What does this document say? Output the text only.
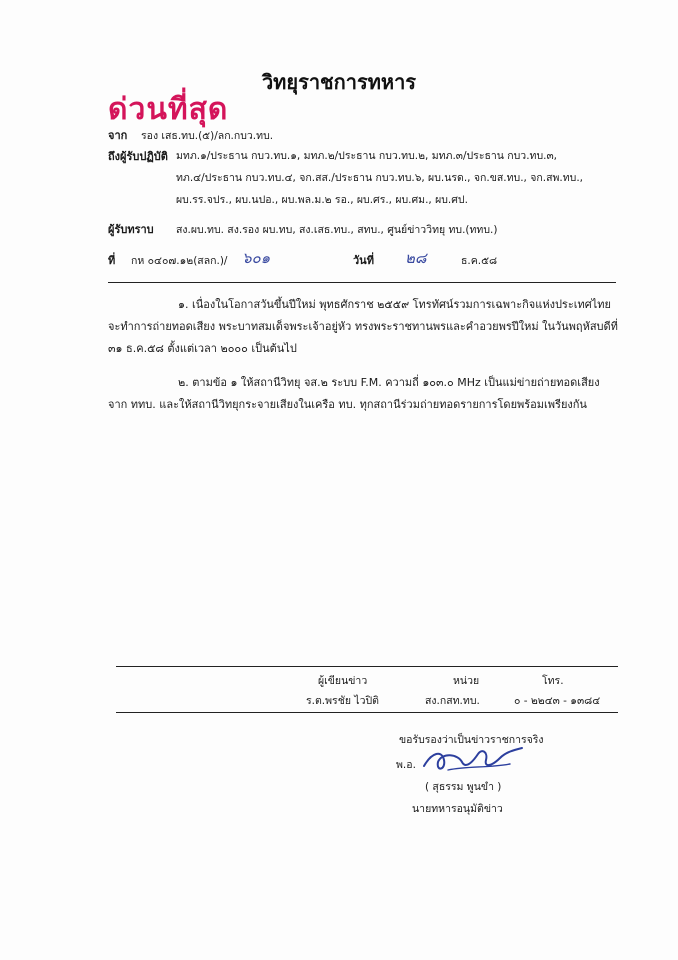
วิทยุราชการทหาร
ด่วนที่สุด
จาก รอง เสธ.ทบ.(๕)/ลก.กบว.ทบ.
ถึงผู้รับปฏิบัติ มทภ.๑/ประธาน กบว.ทบ.๑, มทภ.๒/ประธาน กบว.ทบ.๒, มทภ.๓/ประธาน กบว.ทบ.๓,
ทภ.๔/ประธาน กบว.ทบ.๔, จก.สส./ประธาน กบว.ทบ.๖, ผบ.นรด., จก.ขส.ทบ., จก.สพ.ทบ.,
ผบ.รร.จปร., ผบ.นปอ., ผบ.พล.ม.๒ รอ., ผบ.ศร., ผบ.ศม., ผบ.ศป.
ผู้รับทราบ สง.ผบ.ทบ. สง.รอง ผบ.ทบ, สง.เสธ.ทบ., สทบ., ศูนย์ข่าววิทยุ ทบ.(ททบ.)
ที่ กห ๐๔๐๗.๑๒(สลก.)/ ๖๐๑	วันที่ ๒๘	ธ.ค.๕๘
๑. เนื่องในโอกาสวันขึ้นปีใหม่ พุทธศักราช ๒๕๕๙ โทรทัศน์รวมการเฉพาะกิจแห่งประเทศไทย
จะทำการถ่ายทอดเสียง พระบาทสมเด็จพระเจ้าอยู่หัว ทรงพระราชทานพรและคำอวยพรปีใหม่ ในวันพฤหัสบดีที่
๓๑ ธ.ค.๕๘ ตั้งแต่เวลา ๒๐๐๐ เป็นต้นไป
๒. ตามข้อ ๑ ให้สถานีวิทยุ จส.๒ ระบบ F.M. ความถี่ ๑๐๓.๐ MHz เป็นแม่ข่ายถ่ายทอดเสียง
จาก ททบ. และให้สถานีวิทยุกระจายเสียงในเครือ ทบ. ทุกสถานีร่วมถ่ายทอดรายการโดยพร้อมเพรียงกัน
ผู้เขียนข่าว	หน่วย	โทร.
ร.ต.พรชัย ไวปิติ	สง.กสท.ทบ.	๐ - ๒๒๔๓ - ๑๓๘๔
ขอรับรองว่าเป็นข่าวราชการจริง
พ.อ.
( สุธรรม พูนขำ )
นายทหารอนุมัติข่าว
